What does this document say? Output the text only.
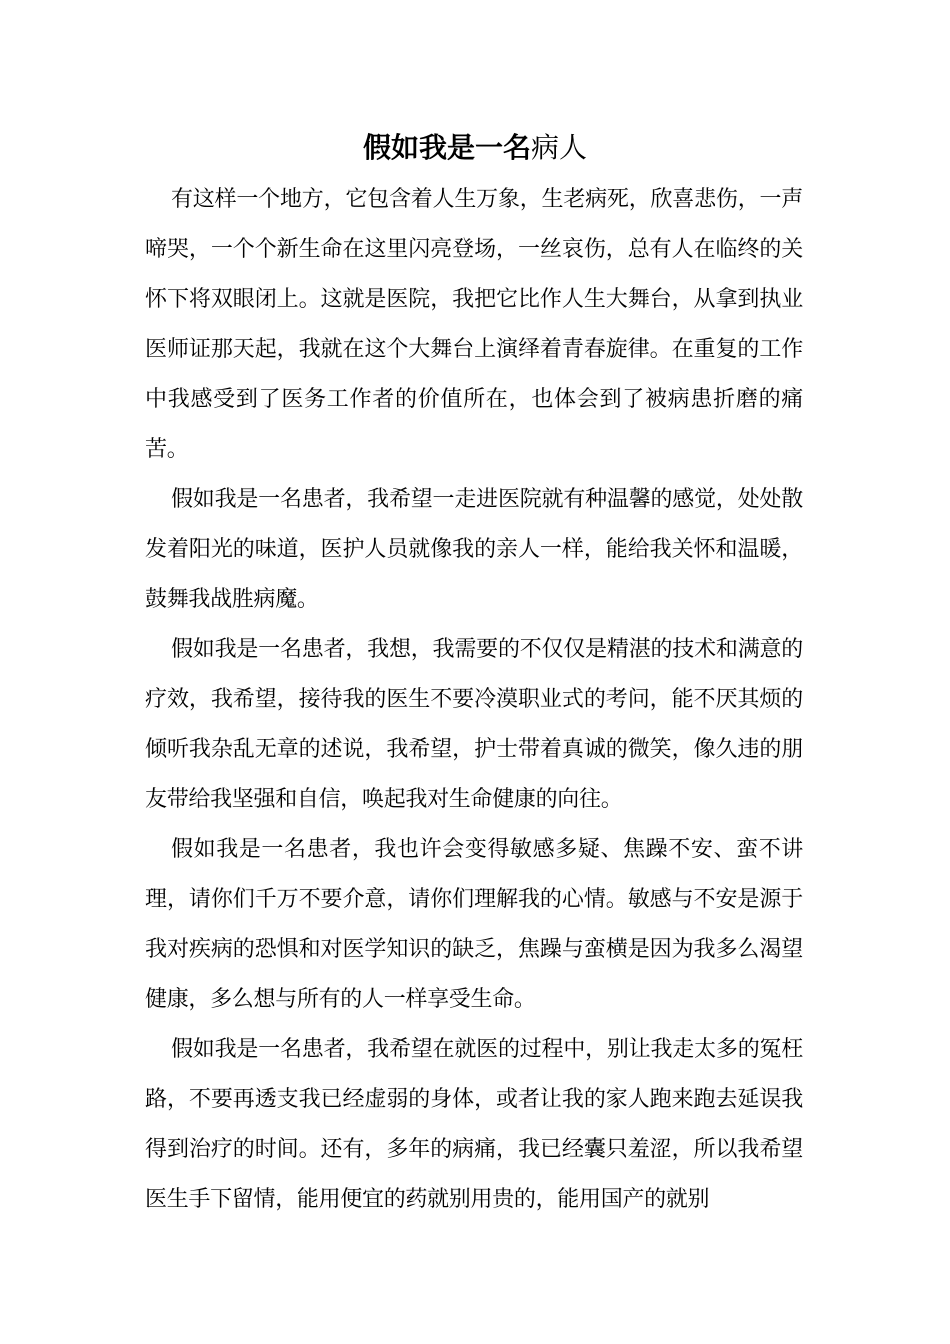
假如我是一名病人

有这样一个地方，它包含着人生万象，生老病死，欣喜悲伤，一声啼哭，一个个新生命在这里闪亮登场，一丝哀伤，总有人在临终的关怀下将双眼闭上。这就是医院，我把它比作人生大舞台，从拿到执业医师证那天起，我就在这个大舞台上演绎着青春旋律。在重复的工作中我感受到了医务工作者的价值所在，也体会到了被病患折磨的痛苦。

假如我是一名患者，我希望一走进医院就有种温馨的感觉，处处散发着阳光的味道，医护人员就像我的亲人一样，能给我关怀和温暖，鼓舞我战胜病魔。

假如我是一名患者，我想，我需要的不仅仅是精湛的技术和满意的疗效，我希望，接待我的医生不要冷漠职业式的考问，能不厌其烦的倾听我杂乱无章的述说，我希望，护士带着真诚的微笑，像久违的朋友带给我坚强和自信，唤起我对生命健康的向往。

假如我是一名患者，我也许会变得敏感多疑、焦躁不安、蛮不讲理，请你们千万不要介意，请你们理解我的心情。敏感与不安是源于我对疾病的恐惧和对医学知识的缺乏，焦躁与蛮横是因为我多么渴望健康，多么想与所有的人一样享受生命。

假如我是一名患者，我希望在就医的过程中，别让我走太多的冤枉路，不要再透支我已经虚弱的身体，或者让我的家人跑来跑去延误我得到治疗的时间。还有，多年的病痛，我已经囊只羞涩，所以我希望医生手下留情，能用便宜的药就别用贵的，能用国产的就别
